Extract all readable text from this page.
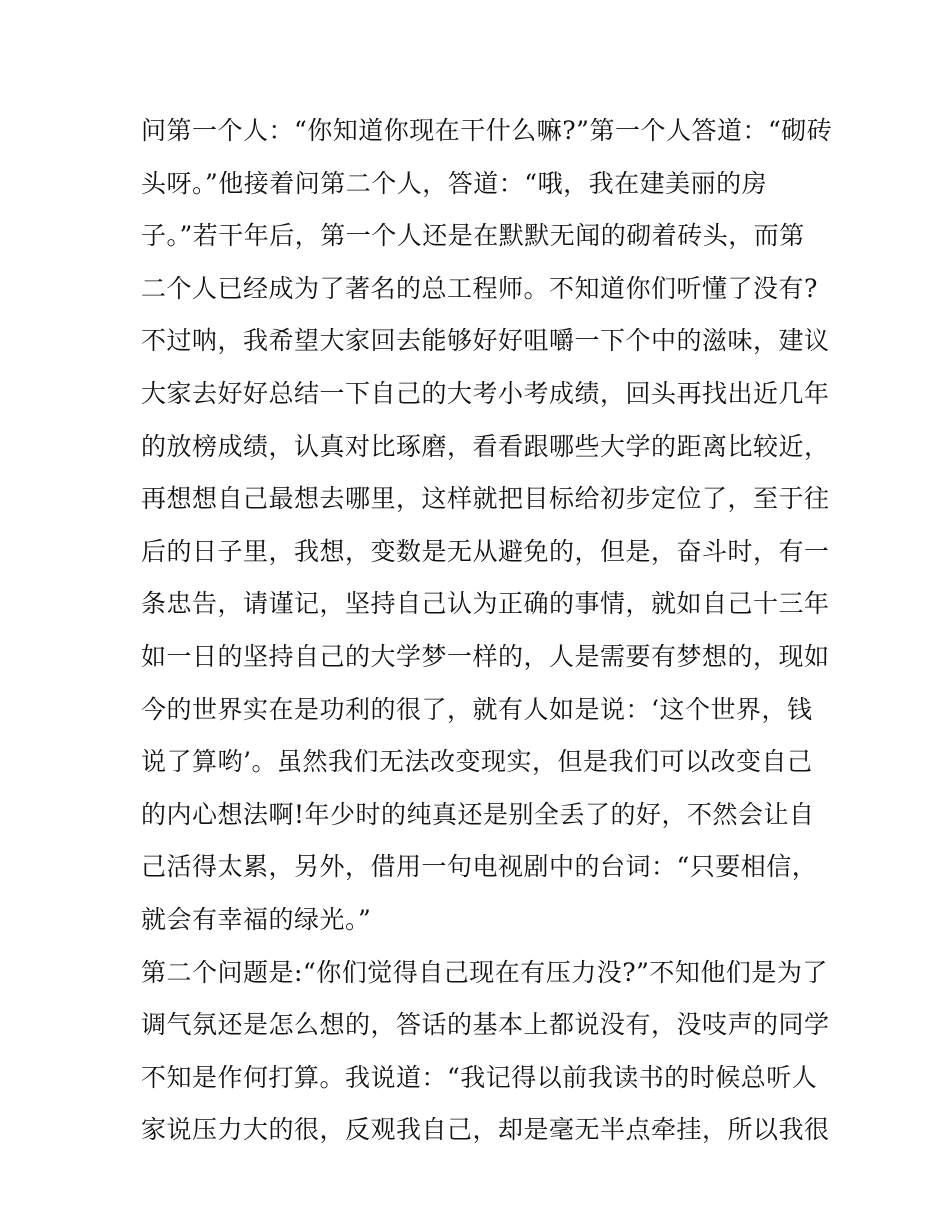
问第一个人：“你知道你现在干什么嘛?”第一个人答道：“砌砖
头呀。”他接着问第二个人，答道：“哦，我在建美丽的房
子。”若干年后，第一个人还是在默默无闻的砌着砖头，而第
二个人已经成为了著名的总工程师。不知道你们听懂了没有?
不过呐，我希望大家回去能够好好咀嚼一下个中的滋味，建议
大家去好好总结一下自己的大考小考成绩，回头再找出近几年
的放榜成绩，认真对比琢磨，看看跟哪些大学的距离比较近，
再想想自己最想去哪里，这样就把目标给初步定位了，至于往
后的日子里，我想，变数是无从避免的，但是，奋斗时，有一
条忠告，请谨记，坚持自己认为正确的事情，就如自己十三年
如一日的坚持自己的大学梦一样的，人是需要有梦想的，现如
今的世界实在是功利的很了，就有人如是说：‘这个世界，钱
说了算哟’。虽然我们无法改变现实，但是我们可以改变自己
的内心想法啊!年少时的纯真还是别全丢了的好，不然会让自
己活得太累，另外，借用一句电视剧中的台词：“只要相信，
就会有幸福的绿光。”
第二个问题是:“你们觉得自己现在有压力没?”不知他们是为了
调气氛还是怎么想的，答话的基本上都说没有，没吱声的同学
不知是作何打算。我说道：“我记得以前我读书的时候总听人
家说压力大的很，反观我自己，却是毫无半点牵挂，所以我很
